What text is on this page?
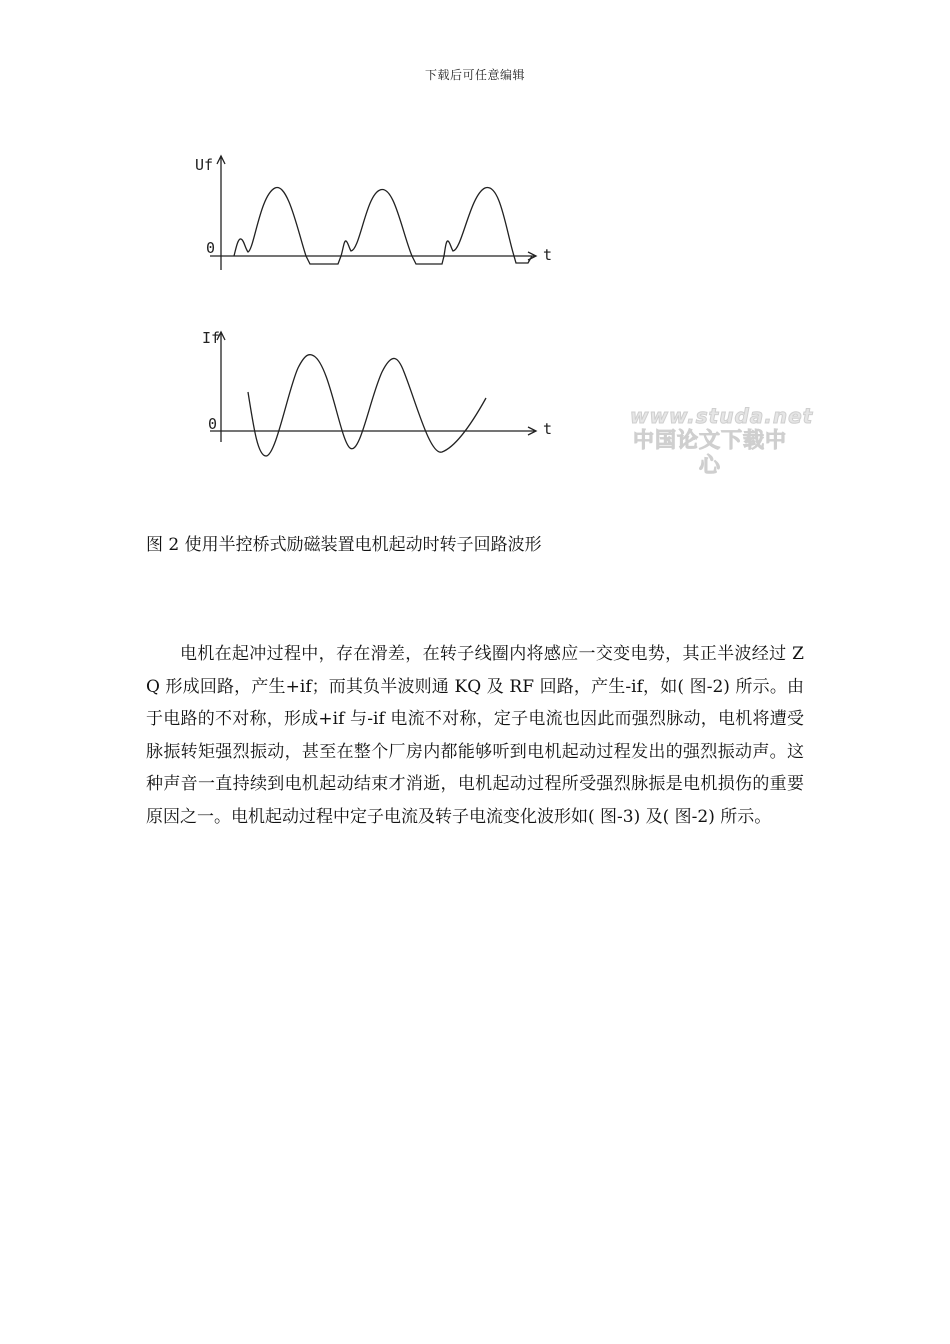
下载后可任意编辑
Uf
0	t
If
0	t
www.studa.net
中国论文下载中心
图 2 使用半控桥式励磁装置电机起动时转子回路波形

电机在起冲过程中，存在滑差，在转子线圈内将感应一交变电势，其正半波经过 Z Q 形成回路，产生+if；而其负半波则通 KQ 及 RF 回路，产生-if，如( 图-2) 所示。由于电路的不对称，形成+if 与-if 电流不对称，定子电流也因此而强烈脉动，电机将遭受脉振转矩强烈振动，甚至在整个厂房内都能够听到电机起动过程发出的强烈振动声。这种声音一直持续到电机起动结束才消逝，电机起动过程所受强烈脉振是电机损伤的重要原因之一。电机起动过程中定子电流及转子电流变化波形如( 图-3) 及( 图-2) 所示。
